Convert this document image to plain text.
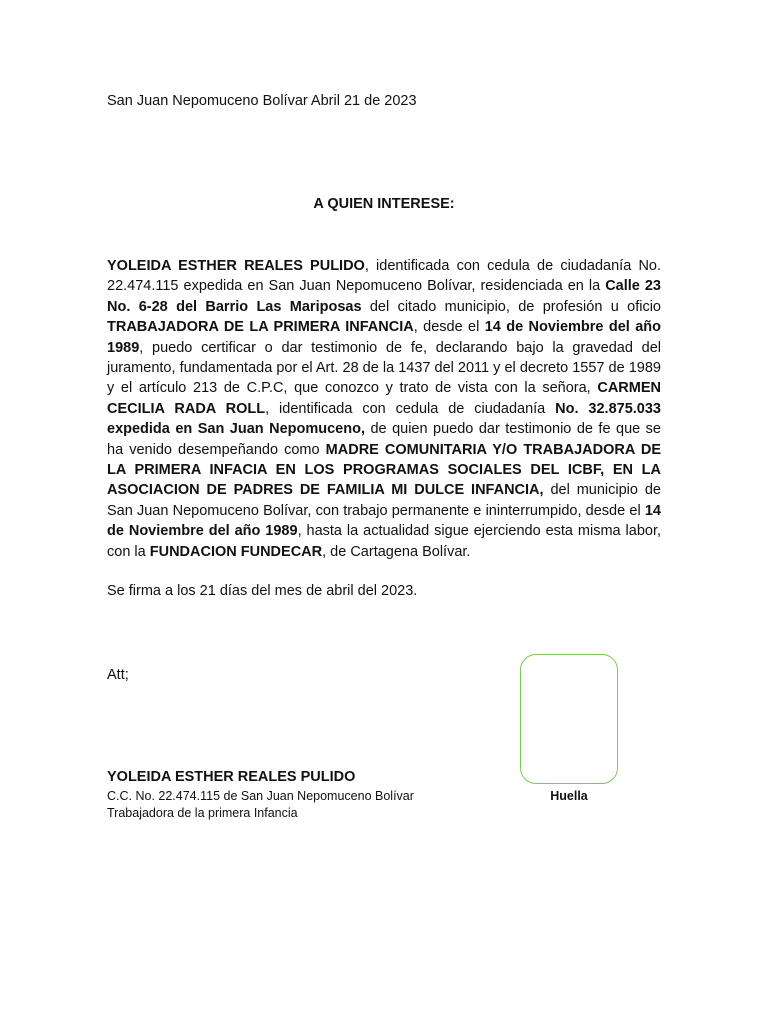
San Juan Nepomuceno Bolívar Abril 21 de 2023
A QUIEN INTERESE:
YOLEIDA ESTHER REALES PULIDO, identificada con cedula de ciudadanía No. 22.474.115 expedida en San Juan Nepomuceno Bolívar, residenciada en la Calle 23 No. 6-28 del Barrio Las Mariposas del citado municipio, de profesión u oficio TRABAJADORA DE LA PRIMERA INFANCIA, desde el 14 de Noviembre del año 1989, puedo certificar o dar testimonio de fe, declarando bajo la gravedad del juramento, fundamentada por el Art. 28 de la 1437 del 2011 y el decreto 1557 de 1989 y el artículo 213 de C.P.C, que conozco y trato de vista con la señora, CARMEN CECILIA RADA ROLL, identificada con cedula de ciudadanía No. 32.875.033 expedida en San Juan Nepomuceno, de quien puedo dar testimonio de fe que se ha venido desempeñando como MADRE COMUNITARIA Y/O TRABAJADORA DE LA PRIMERA INFACIA EN LOS PROGRAMAS SOCIALES DEL ICBF, EN LA ASOCIACION DE PADRES DE FAMILIA MI DULCE INFANCIA, del municipio de San Juan Nepomuceno Bolívar, con trabajo permanente e ininterrumpido, desde el 14 de Noviembre del año 1989, hasta la actualidad sigue ejerciendo esta misma labor, con la FUNDACION FUNDECAR, de Cartagena Bolívar.
Se firma a los 21 días del mes de abril del 2023.
Att;
YOLEIDA ESTHER REALES PULIDO
C.C. No. 22.474.115 de San Juan Nepomuceno Bolívar
Trabajadora de la primera Infancia
Huella
